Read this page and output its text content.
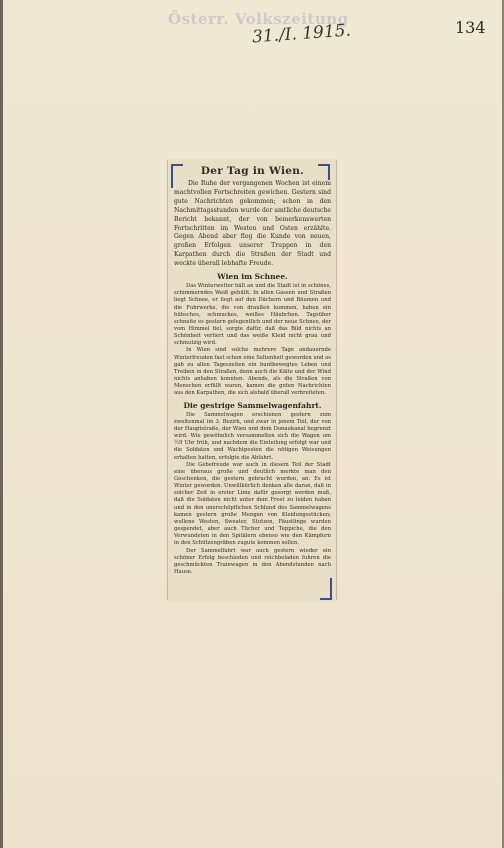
Österr. Volkszeitung
31./I. 1915.	134
Der Tag in Wien.

Die Ruhe der vergangenen Wochen ist einem machtvollen Fortschreiten gewichen. Gestern sind gute Nachrichten gekommen; schon in den Nachmittagsstunden wurde der amtliche deutsche Bericht bekannt, der von bemerkenswerten Fortschritten im Westen und Osten erzählte. Gegen Abend aber flog die Kunde von neuen, großen Erfolgen unserer Truppen in den Karpathen durch die Straßen der Stadt und weckte überall lebhafte Freude.

Wien im Schnee.

Das Winterwetter hält an und die Stadt ist in schönes, schimmerndes Weiß gehüllt. In allen Gassen und Straßen liegt Schnee, er liegt auf den Dächern und Bäumen und die Fuhrwerke, die von draußen kommen, haben ein hübsches, schmuckes, weißes Häubchen. Tagsüber schneite es gestern gelegentlich und der neue Schnee, der vom Himmel fiel, sorgte dafür, daß das Bild nichts an Schönheit verliert und das weiße Kleid nicht grau und schmutzig wird.

In Wien sind solche mehrere Tage andauernde Winterfreuden fast schon eine Seltenheit geworden und es gab zu allen Tageszeiten ein buntbewegtes Leben und Treiben in den Straßen, denn auch die Kälte und der Wind nichts anhaben konnten. Abends, als die Straßen von Menschen erfüllt waren, kamen die guten Nachrichten aus den Karpathen, die sich alsbald überall verbreiteten.

Die gestrige Sammelwagenfahrt.

Die Sammelwagen erschienen gestern zum zweitenmal im 3. Bezirk, und zwar in jenem Teil, der von der Hauptstraße, der Wien und dem Donaukanal begrenzt wird. Wie gewöhnlich versammelten sich die Wagen um ½9 Uhr früh, und nachdem die Einteilung erfolgt war und die Soldaten und Wachtposten die nötigen Weisungen erhalten hatten, erfolgte die Abfahrt.

Die Gebefreude war auch in diesem Teil der Stadt eine überaus große und deutlich merkte man den Geschenken, die gestern gebracht wurden, an: Es ist Winter geworden. Unwillkürlich denken alle daran, daß in solcher Zeit in erster Linie dafür gesorgt werden muß, daß die Soldaten nicht unter dem Frost zu leiden haben und in den unerschöpflichen Schlund des Sammelwagens kamen gestern große Mengen von Kleidungsstücken; wollene Westen, Sweater, Stutzen, Fäustlinge wurden gespendet, aber auch Tücher und Teppiche, die den Verwundeten in den Spitälern ebenso wie den Kämpfern in den Schützengräben zugute kommen sollen.

Der Sammelfahrt war auch gestern wieder ein schöner Erfolg beschieden und reichbeladen fuhren die geschmückten Trainwagen in den Abendstunden nach Hause.
